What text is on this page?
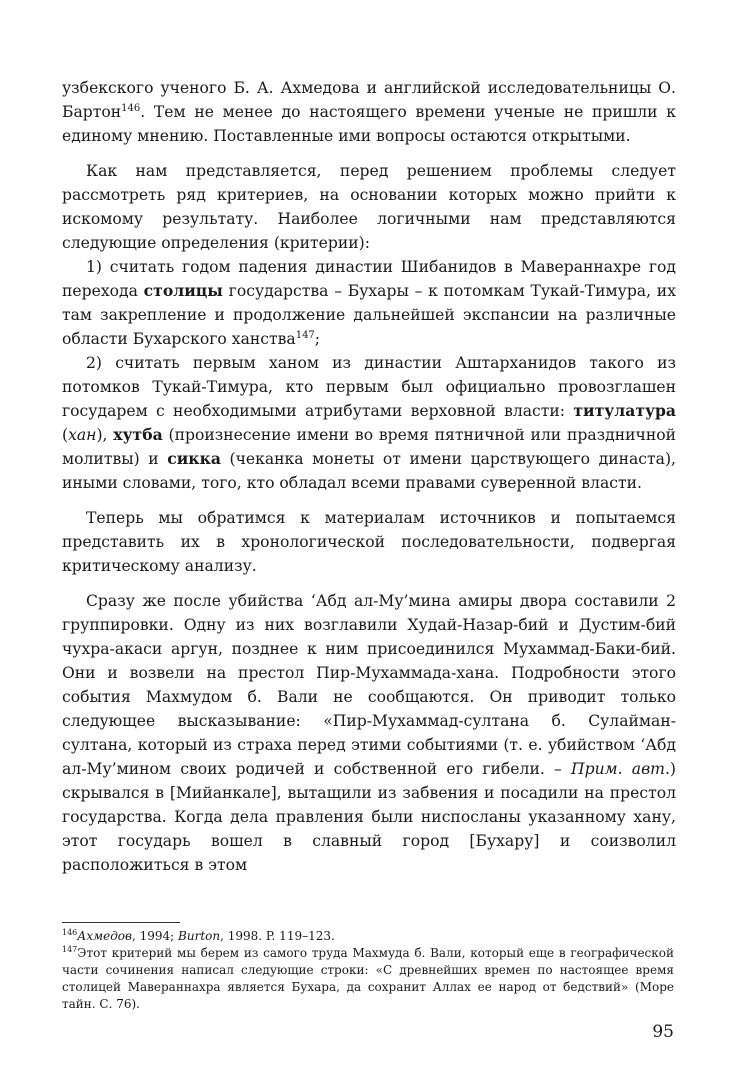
узбекского ученого Б. А. Ахмедова и английской исследовательницы О. Бартон$^{146}$. Тем не менее до настоящего времени ученые не пришли к единому мнению. Поставленные ими вопросы остаются открытыми.

Как нам представляется, перед решением проблемы следует рассмотреть ряд критериев, на основании которых можно прийти к искомому результату. Наиболее логичными нам представляются следующие определения (критерии):

1) считать годом падения династии Шибанидов в Мавераннахре год перехода столицы государства – Бухары – к потомкам Тукай-Тимура, их там закрепление и продолжение дальнейшей экспансии на различные области Бухарского ханства$^{147}$;

2) считать первым ханом из династии Аштарханидов такого из потомков Тукай-Тимура, кто первым был официально провозглашен государем с необходимыми атрибутами верховной власти: титулатура (хан), хутба (произнесение имени во время пятничной или праздничной молитвы) и сикка (чеканка монеты от имени царствующего династа), иными словами, того, кто обладал всеми правами суверенной власти.

Теперь мы обратимся к материалам источников и попытаемся представить их в хронологической последовательности, подвергая критическому анализу.

Сразу же после убийства ‘Абд ал-Му’мина амиры двора составили 2 группировки. Одну из них возглавили Худай-Назар-бий и Дустим-бий чухра-акаси аргун, позднее к ним присоединился Мухаммад-Баки-бий. Они и возвели на престол Пир-Мухаммада-хана. Подробности этого события Махмудом б. Вали не сообщаются. Он приводит только следующее высказывание: «Пир-Мухаммад-султана б. Сулайман-султана, который из страха перед этими событиями (т. е. убийством ‘Абд ал-Му’мином своих родичей и собственной его гибели. – Прим. авт.) скрывался в [Мийанкале], вытащили из забвения и посадили на престол государства. Когда дела правления были ниспосланы указанному хану, этот государь вошел в славный город [Бухару] и соизволил расположиться в этом

$^{146}$Ахмедов, 1994; Burton, 1998. P. 119–123.

$^{147}$Этот критерий мы берем из самого труда Махмуда б. Вали, который еще в географической части сочинения написал следующие строки: «С древнейших времен по настоящее время столицей Мавераннахра является Бухара, да сохранит Аллах ее народ от бедствий» (Море тайн. С. 76).

95
